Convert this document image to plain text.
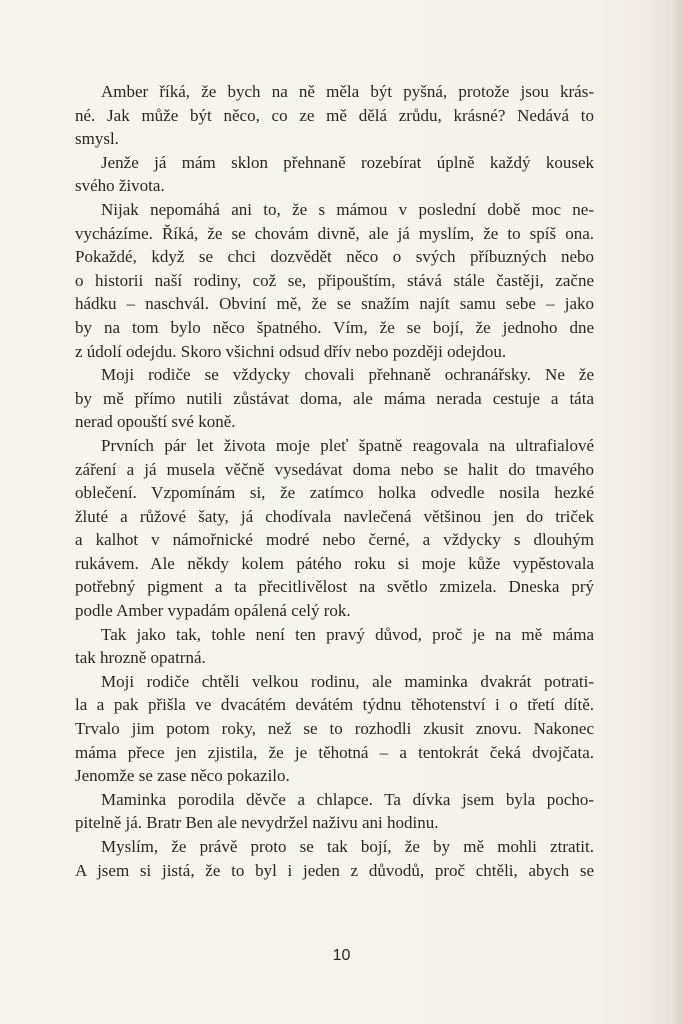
Amber říká, že bych na ně měla být pyšná, protože jsou krás-
né. Jak může být něco, co ze mě dělá zrůdu, krásné? Nedává to
smysl.
Jenže já mám sklon přehnaně rozebírat úplně každý kousek
svého života.
Nijak nepomáhá ani to, že s mámou v poslední době moc ne-
vycházíme. Říká, že se chovám divně, ale já myslím, že to spíš ona.
Pokaždé, když se chci dozvědět něco o svých příbuzných nebo
o historii naší rodiny, což se, připouštím, stává stále častěji, začne
hádku – naschvál. Obviní mě, že se snažím najít samu sebe – jako
by na tom bylo něco špatného. Vím, že se bojí, že jednoho dne
z údolí odejdu. Skoro všichni odsud dřív nebo později odejdou.
Moji rodiče se vždycky chovali přehnaně ochranářsky. Ne že
by mě přímo nutili zůstávat doma, ale máma nerada cestuje a táta
nerad opouští své koně.
Prvních pár let života moje pleť špatně reagovala na ultrafialové
záření a já musela věčně vysedávat doma nebo se halit do tmavého
oblečení. Vzpomínám si, že zatímco holka odvedle nosila hezké
žluté a růžové šaty, já chodívala navlečená většinou jen do triček
a kalhot v námořnické modré nebo černé, a vždycky s dlouhým
rukávem. Ale někdy kolem pátého roku si moje kůže vypěstovala
potřebný pigment a ta přecitlivělost na světlo zmizela. Dneska prý
podle Amber vypadám opálená celý rok.
Tak jako tak, tohle není ten pravý důvod, proč je na mě máma
tak hrozně opatrná.
Moji rodiče chtěli velkou rodinu, ale maminka dvakrát potrati-
la a pak přišla ve dvacátém devátém týdnu těhotenství i o třetí dítě.
Trvalo jim potom roky, než se to rozhodli zkusit znovu. Nakonec
máma přece jen zjistila, že je těhotná – a tentokrát čeká dvojčata.
Jenomže se zase něco pokazilo.
Maminka porodila děvče a chlapce. Ta dívka jsem byla pocho-
pitelně já. Bratr Ben ale nevydržel naživu ani hodinu.
Myslím, že právě proto se tak bojí, že by mě mohli ztratit.
A jsem si jistá, že to byl i jeden z důvodů, proč chtěli, abych se
10
